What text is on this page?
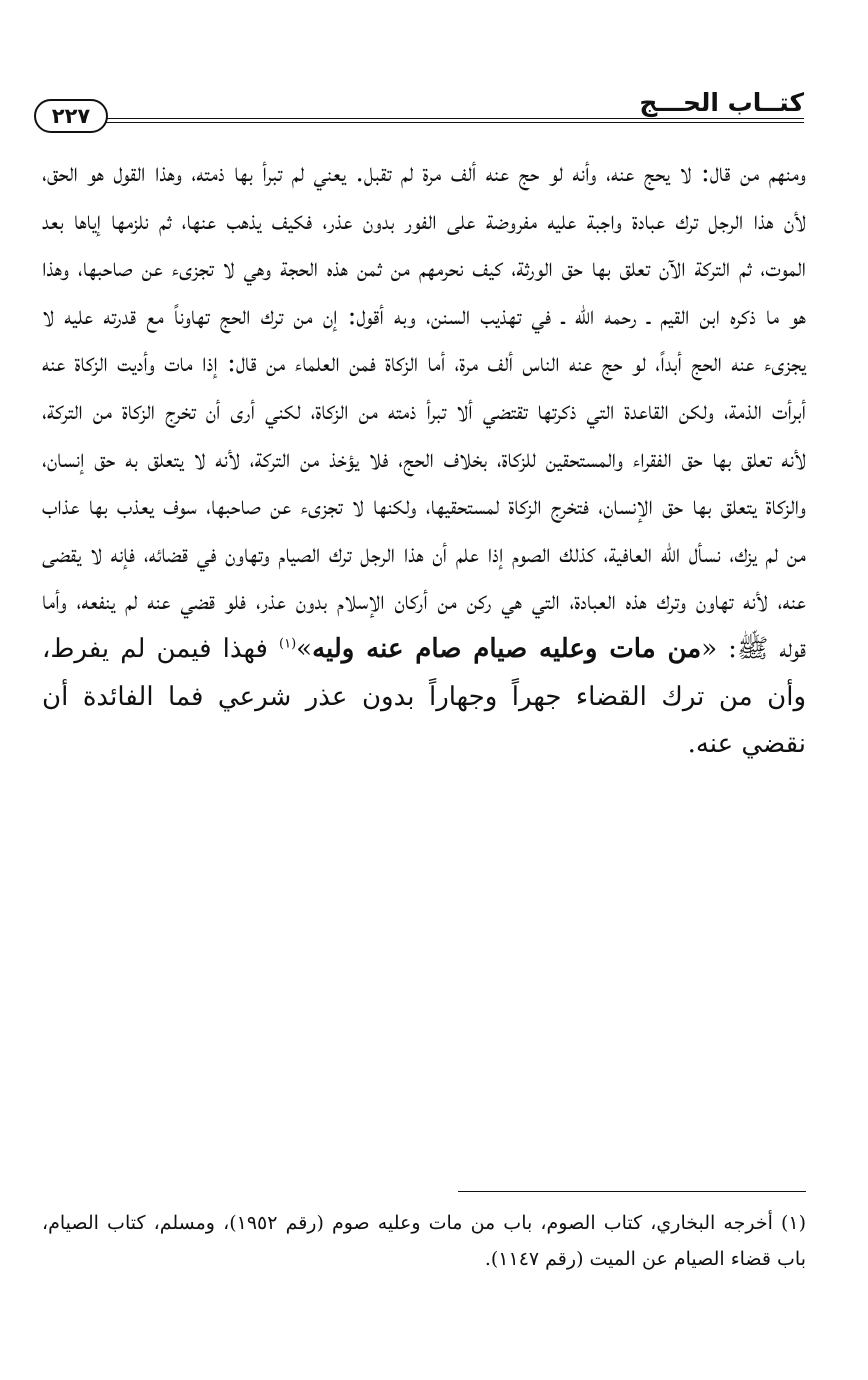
كتــاب الحـــج
٢٢٧

ومنهم من قال: لا يحج عنه، وأنه لو حج عنه ألف مرة لم تقبل. يعني لم تبرأ بها ذمته، وهذا القول هو الحق، لأن هذا الرجل ترك عبادة واجبة عليه مفروضة على الفور بدون عذر، فكيف يذهب عنها، ثم نلزمها إياها بعد الموت، ثم التركة الآن تعلق بها حق الورثة، كيف نحرمهم من ثمن هذه الحجة وهي لا تجزىء عن صاحبها، وهذا هو ما ذكره ابن القيم ـ رحمه الله ـ في تهذيب السنن، وبه أقول: إن من ترك الحج تهاوناً مع قدرته عليه لا يجزىء عنه الحج أبداً، لو حج عنه الناس ألف مرة، أما الزكاة فمن العلماء من قال: إذا مات وأديت الزكاة عنه أبرأت الذمة، ولكن القاعدة التي ذكرتها تقتضي ألا تبرأ ذمته من الزكاة، لكني أرى أن تخرج الزكاة من التركة، لأنه تعلق بها حق الفقراء والمستحقين للزكاة، بخلاف الحج، فلا يؤخذ من التركة، لأنه لا يتعلق به حق إنسان، والزكاة يتعلق بها حق الإنسان، فتخرج الزكاة لمستحقيها، ولكنها لا تجزىء عن صاحبها، سوف يعذب بها عذاب من لم يزك، نسأل الله العافية، كذلك الصوم إذا علم أن هذا الرجل ترك الصيام وتهاون في قضائه، فإنه لا يقضى عنه، لأنه تهاون وترك هذه العبادة، التي هي ركن من أركان الإسلام بدون عذر، فلو قضي عنه لم ينفعه، وأما قوله ﷺ: «من مات وعليه صيام صام عنه وليه»$^{(١)}$ فهذا فيمن لم يفرط، وأن من ترك القضاء جهراً وجهاراً بدون عذر شرعي فما الفائدة أن نقضي عنه.

(١) أخرجه البخاري، كتاب الصوم، باب من مات وعليه صوم (رقم ١٩٥٢)، ومسلم، كتاب الصيام، باب قضاء الصيام عن الميت (رقم ١١٤٧).
